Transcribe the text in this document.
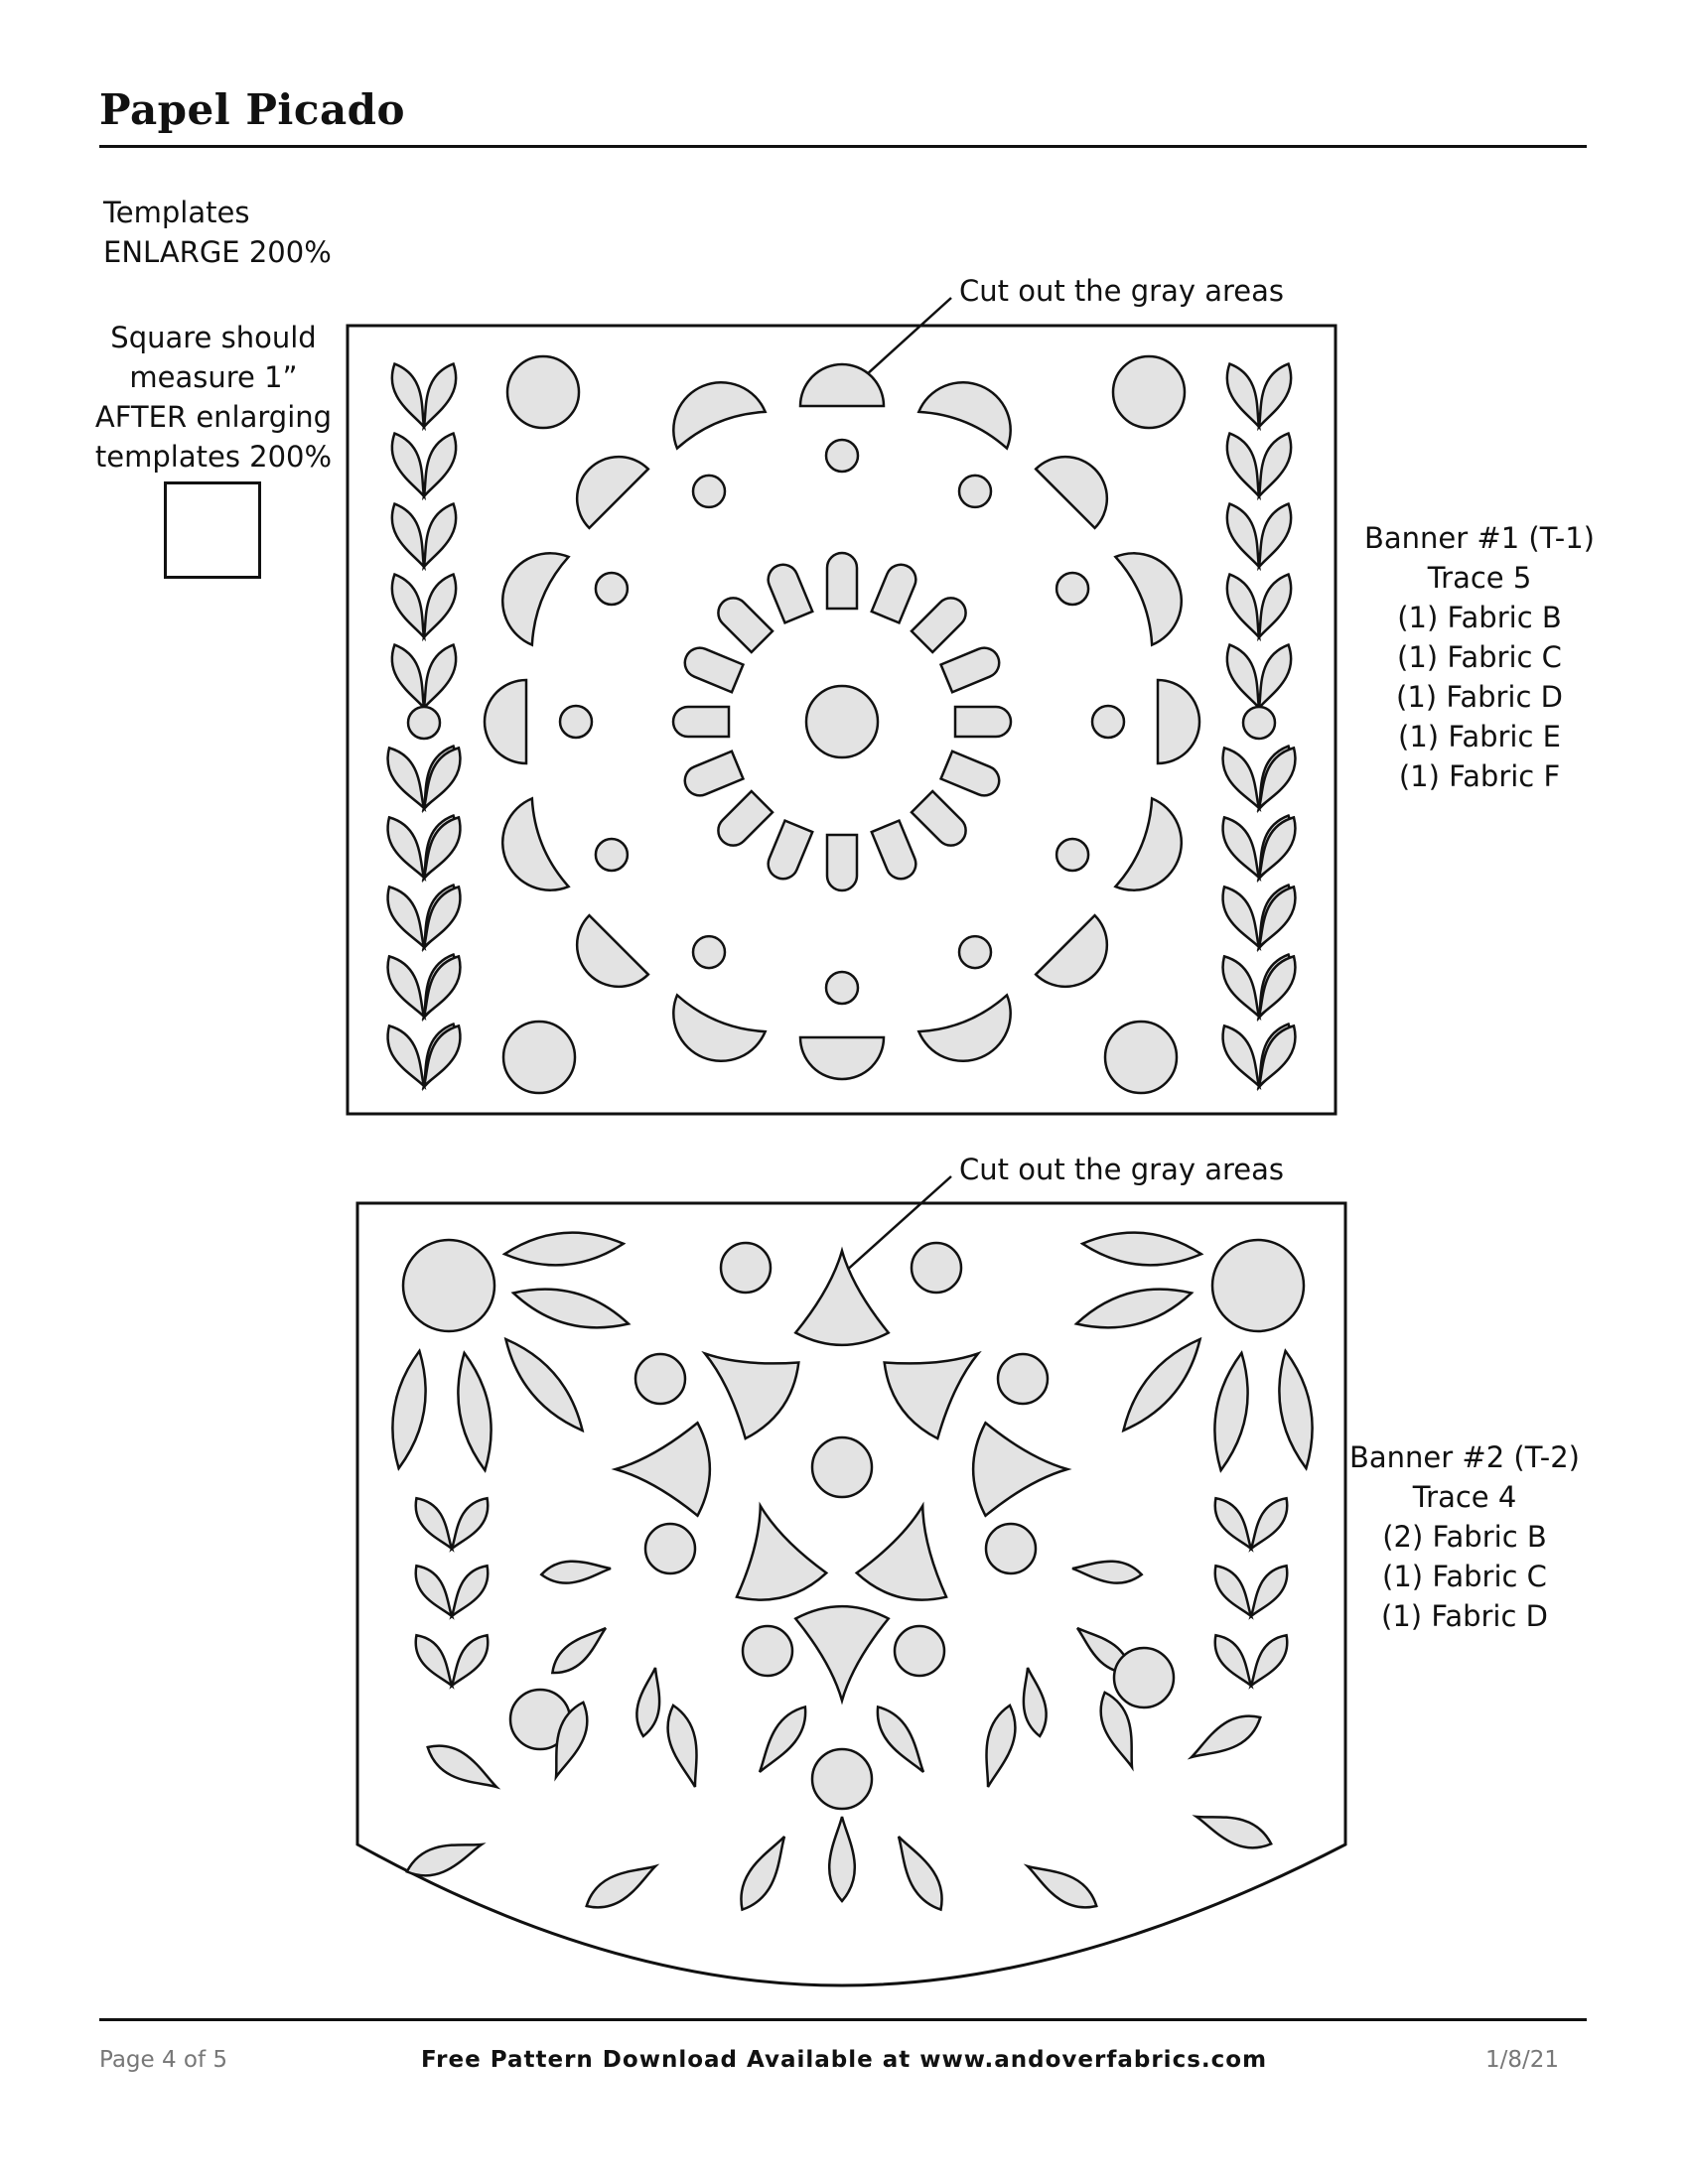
Papel Picado
Templates
ENLARGE 200%
Square should
measure 1”
AFTER enlarging
templates 200%
Cut out the gray areas
Banner #1 (T-1)
Trace 5
(1) Fabric B
(1) Fabric C
(1) Fabric D
(1) Fabric E
(1) Fabric F
Cut out the gray areas
Banner #2 (T-2)
Trace 4
(2) Fabric B
(1) Fabric C
(1) Fabric D
Page 4 of 5	Free Pattern Download Available at www.andoverfabrics.com	1/8/21
